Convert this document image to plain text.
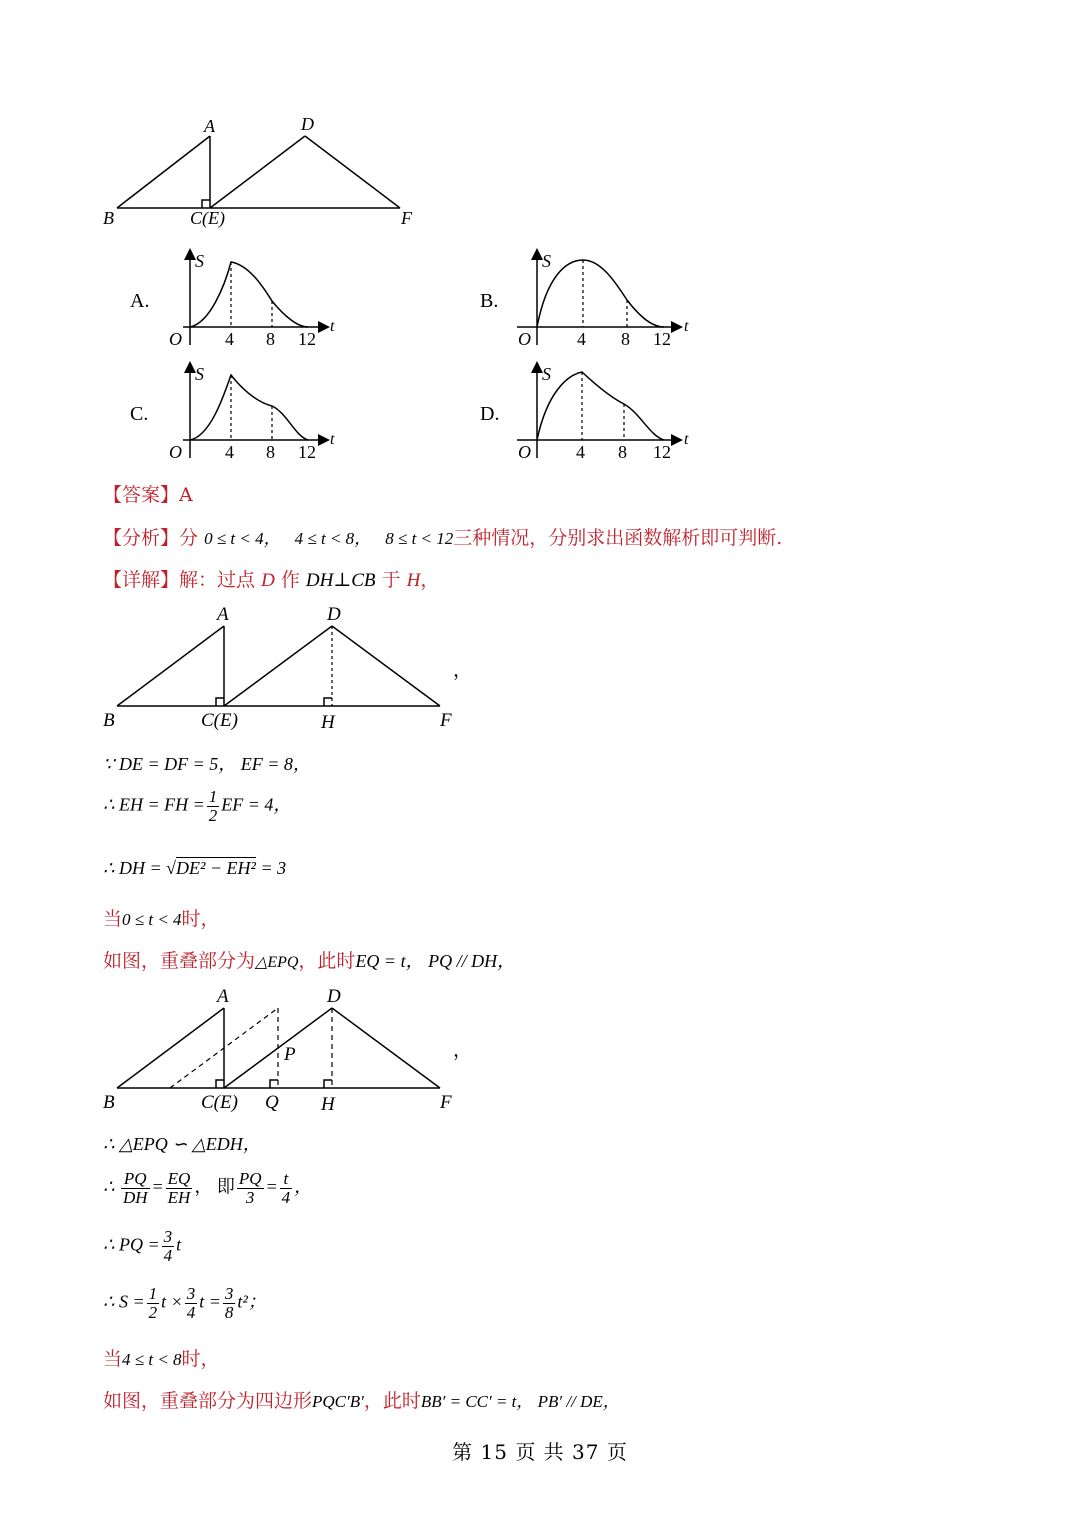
A	D
B	C(E)	F
A.	B.
C.	D.
S
t
O 4 8 12
S
t
O	4 8 12
S
t
O 4 8 12
S
t
O	4 8 12
【答案】A
【分析】分 0 ≤ t < 4， 4 ≤ t < 8， 8 ≤ t < 12三种情况，分别求出函数解析即可判断.
【详解】解：过点 D 作 DH⊥CB 于 H，
A	D
B	C(E)	H	F
，
∵ DE = DF = 5， EF = 8，
∴ EH = FH = $\frac{1}{2}$ EF = 4，
∴ DH = √DE² − EH² = 3
当0 ≤ t < 4时，
如图，重叠部分为△EPQ，此时EQ = t， PQ // DH，
A	D
P
B	C(E) Q H	F
，
∴ △EPQ ∽ △EDH，
∴ $\frac{PQ}{DH} = \frac{EQ}{EH}$ ， 即 $\frac{PQ}{3} = \frac{t}{4}$ ，
∴ PQ = $\frac{3}{4}$ t
∴ $S = \frac{1}{2}$ $t \times \frac{3}{4}$ $t = \frac{3}{8} t^2$；
当4 ≤ t < 8时，
如图，重叠部分为四边形PQC′B′，此时BB′ = CC′ = t， PB′ // DE，
第 15 页 共 37 页
